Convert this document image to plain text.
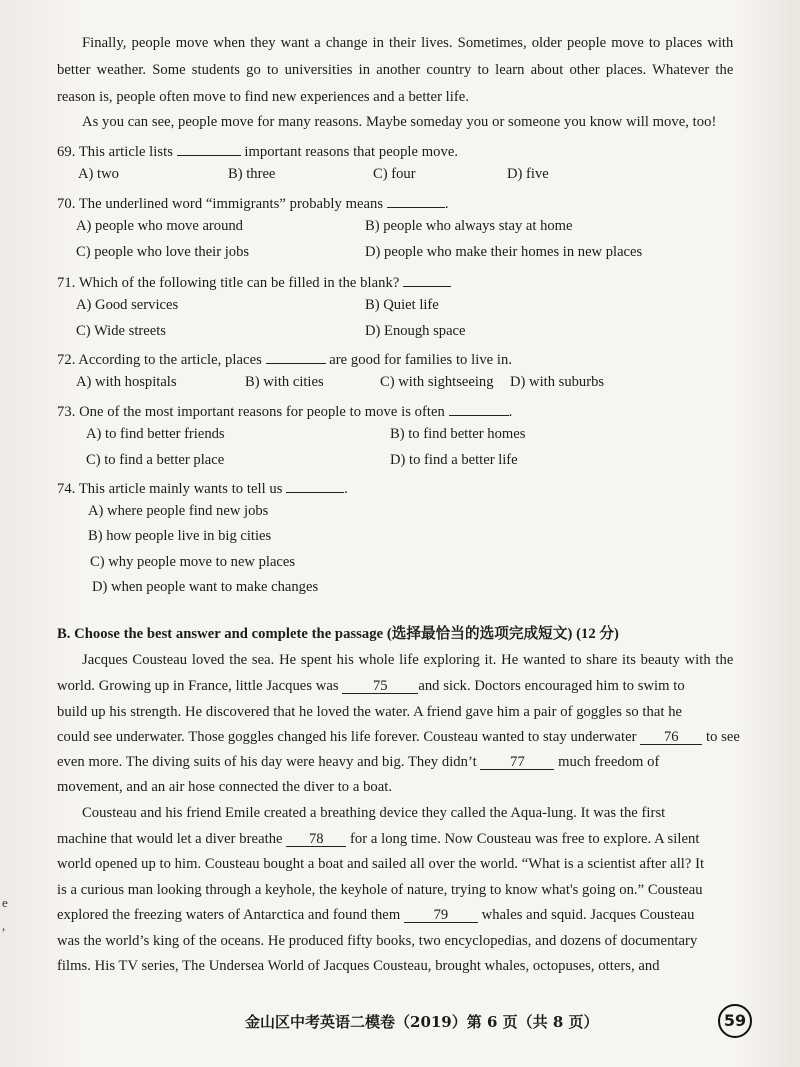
Finally, people move when they want a change in their lives. Sometimes, older people move to places with
better weather. Some students go to universities in another country to learn about other places. Whatever the
reason is, people often move to find new experiences and a better life.
As you can see, people move for many reasons. Maybe someday you or someone you know will move, too!
69. This article lists	important reasons that people move.
A) two	B) three	C) four	D) five
70. The underlined word “immigrants” probably means	.
A) people who move around	B) people who always stay at home
C) people who love their jobs	D) people who make their homes in new places
71. Which of the following title can be filled in the blank?
A) Good services	B) Quiet life
C) Wide streets	D) Enough space
72. According to the article, places	are good for families to live in.
A) with hospitals	B) with cities	C) with sightseeing D) with suburbs
73. One of the most important reasons for people to move is often	.
A) to find better friends	B) to find better homes
C) to find a better place	D) to find a better life
74. This article mainly wants to tell us	.
A) where people find new jobs
B) how people live in big cities
C) why people move to new places
D) when people want to make changes
B. Choose the best answer and complete the passage (选择最恰当的选项完成短文) (12 分)
Jacques Cousteau loved the sea. He spent his whole life exploring it. He wanted to share its beauty with the
world. Growing up in France, little Jacques was 75 and sick. Doctors encouraged him to swim to
build up his strength. He discovered that he loved the water. A friend gave him a pair of goggles so that he
could see underwater. Those goggles changed his life forever. Cousteau wanted to stay underwater 76 to see
even more. The diving suits of his day were heavy and big. They didn’t 77 much freedom of
movement, and an air hose connected the diver to a boat.
Cousteau and his friend Emile created a breathing device they called the Aqua-lung. It was the first
machine that would let a diver breathe 78 for a long time. Now Cousteau was free to explore. A silent
world opened up to him. Cousteau bought a boat and sailed all over the world. “What is a scientist after all? It
is a curious man looking through a keyhole, the keyhole of nature, trying to know what's going on.” Cousteau
explored the freezing waters of Antarctica and found them 79 whales and squid. Jacques Cousteau
was the world’s king of the oceans. He produced fifty books, two encyclopedias, and dozens of documentary
films. His TV series, The Undersea World of Jacques Cousteau, brought whales, octopuses, otters, and
金山区中考英语二模卷（2019）第 6 页（共 8 页）	59
e
,
